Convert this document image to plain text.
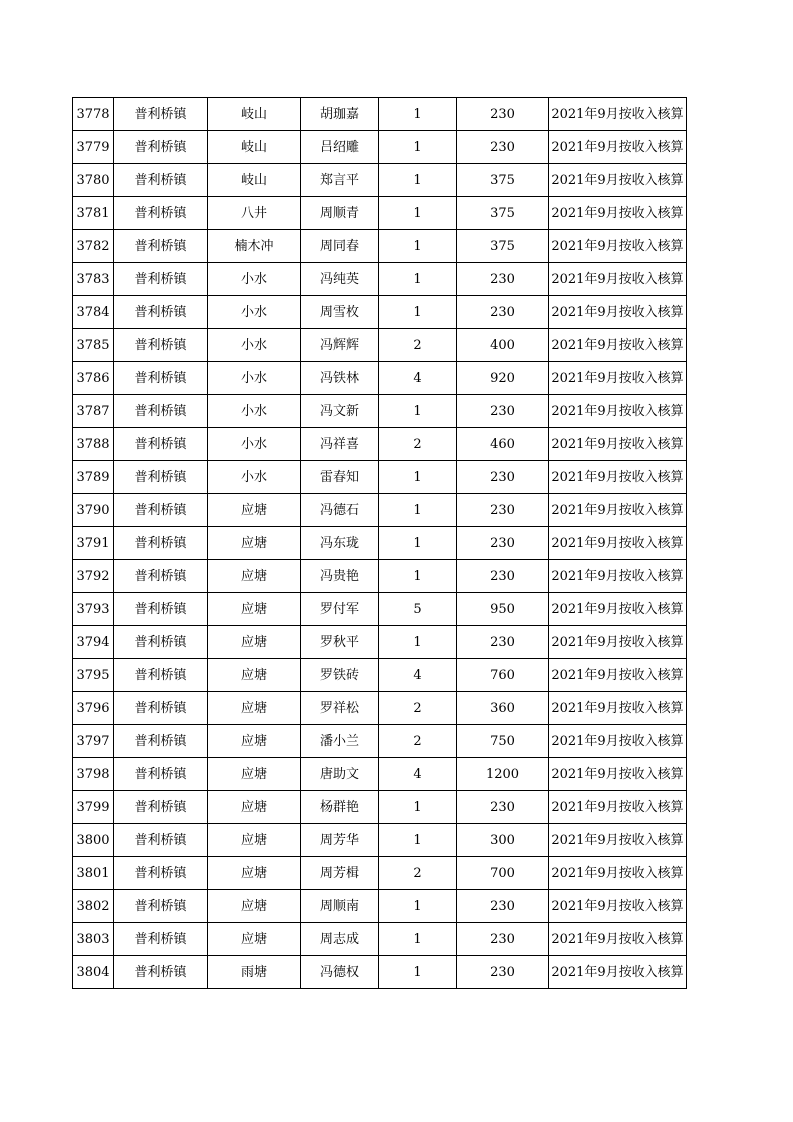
3778	普利桥镇	岐山	胡珈嘉	1	230	2021年9月按收入核算
3779	普利桥镇	岐山	吕绍雕	1	230	2021年9月按收入核算
3780	普利桥镇	岐山	郑言平	1	375	2021年9月按收入核算
3781	普利桥镇	八井	周顺青	1	375	2021年9月按收入核算
3782	普利桥镇	楠木冲	周同春	1	375	2021年9月按收入核算
3783	普利桥镇	小水	冯纯英	1	230	2021年9月按收入核算
3784	普利桥镇	小水	周雪枚	1	230	2021年9月按收入核算
3785	普利桥镇	小水	冯辉辉	2	400	2021年9月按收入核算
3786	普利桥镇	小水	冯铁林	4	920	2021年9月按收入核算
3787	普利桥镇	小水	冯文新	1	230	2021年9月按收入核算
3788	普利桥镇	小水	冯祥喜	2	460	2021年9月按收入核算
3789	普利桥镇	小水	雷春知	1	230	2021年9月按收入核算
3790	普利桥镇	应塘	冯德石	1	230	2021年9月按收入核算
3791	普利桥镇	应塘	冯东珑	1	230	2021年9月按收入核算
3792	普利桥镇	应塘	冯贵艳	1	230	2021年9月按收入核算
3793	普利桥镇	应塘	罗付军	5	950	2021年9月按收入核算
3794	普利桥镇	应塘	罗秋平	1	230	2021年9月按收入核算
3795	普利桥镇	应塘	罗铁砖	4	760	2021年9月按收入核算
3796	普利桥镇	应塘	罗祥松	2	360	2021年9月按收入核算
3797	普利桥镇	应塘	潘小兰	2	750	2021年9月按收入核算
3798	普利桥镇	应塘	唐助文	4	1200	2021年9月按收入核算
3799	普利桥镇	应塘	杨群艳	1	230	2021年9月按收入核算
3800	普利桥镇	应塘	周芳华	1	300	2021年9月按收入核算
3801	普利桥镇	应塘	周芳楫	2	700	2021年9月按收入核算
3802	普利桥镇	应塘	周顺南	1	230	2021年9月按收入核算
3803	普利桥镇	应塘	周志成	1	230	2021年9月按收入核算
3804	普利桥镇	雨塘	冯德权	1	230	2021年9月按收入核算
